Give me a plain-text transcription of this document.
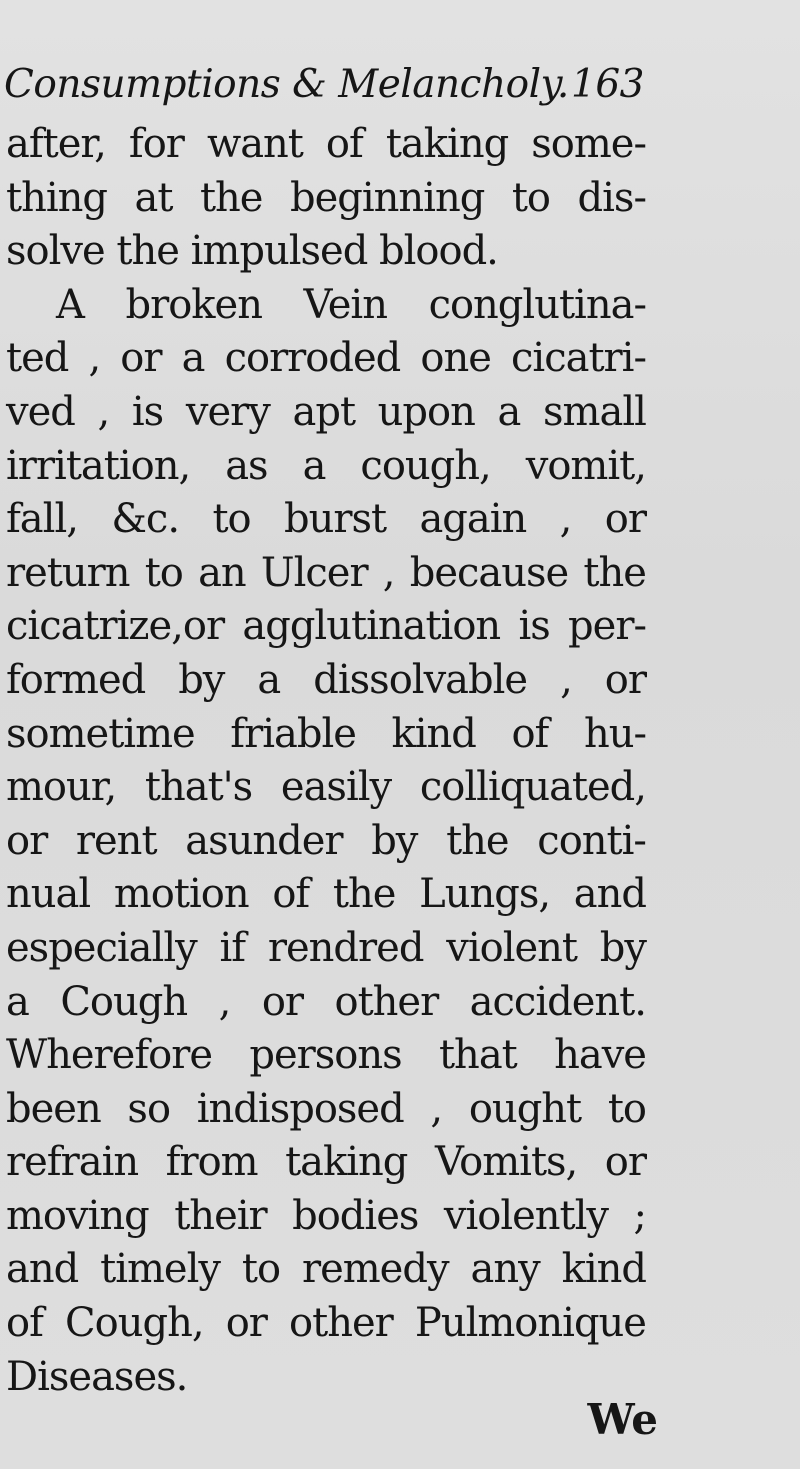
Consumptions & Melancholy. 163
after, for want of taking some-
thing at the beginning to dis-
solve the impulsed blood.
A broken Vein conglutina-
ted , or a corroded one cicatri-
ved , is very apt upon a small
irritation, as a cough, vomit,
fall, &c. to burst again , or
return to an Ulcer , because the
cicatrize,or agglutination is per-
formed by a dissolvable , or
sometime friable kind of hu-
mour, that's easily colliquated,
or rent asunder by the conti-
nual motion of the Lungs, and
especially if rendred violent by
a Cough , or other accident.
Wherefore persons that have
been so indisposed , ought to
refrain from taking Vomits, or
moving their bodies violently ;
and timely to remedy any kind
of Cough, or other Pulmonique
Diseases.
We
